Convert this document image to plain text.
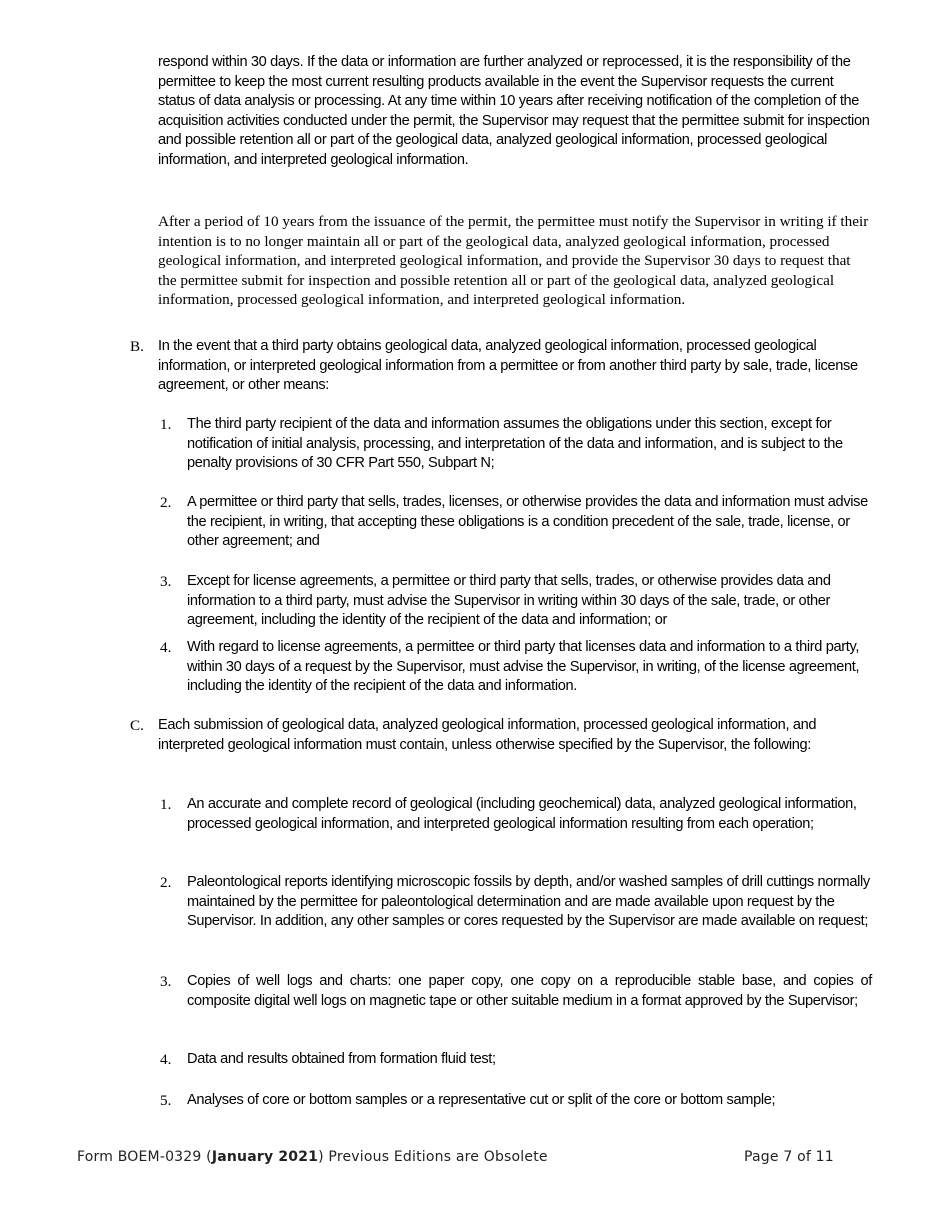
respond within 30 days. If the data or information are further analyzed or reprocessed, it is the responsibility of the permittee to keep the most current resulting products available in the event the Supervisor requests the current status of data analysis or processing. At any time within 10 years after receiving notification of the completion of the acquisition activities conducted under the permit, the Supervisor may request that the permittee submit for inspection and possible retention all or part of the geological data, analyzed geological information, processed geological information, and interpreted geological information.

After a period of 10 years from the issuance of the permit, the permittee must notify the Supervisor in writing if their intention is to no longer maintain all or part of the geological data, analyzed geological information, processed geological information, and interpreted geological information, and provide the Supervisor 30 days to request that the permittee submit for inspection and possible retention all or part of the geological data, analyzed geological information, processed geological information, and interpreted geological information.

B. In the event that a third party obtains geological data, analyzed geological information, processed geological information, or interpreted geological information from a permittee or from another third party by sale, trade, license agreement, or other means:

1.	The third party recipient of the data and information assumes the obligations under this section, except for notification of initial analysis, processing, and interpretation of the data and information, and is subject to the penalty provisions of 30 CFR Part 550, Subpart N;

2.	A permittee or third party that sells, trades, licenses, or otherwise provides the data and information must advise the recipient, in writing, that accepting these obligations is a condition precedent of the sale, trade, license, or other agreement; and

3.	Except for license agreements, a permittee or third party that sells, trades, or otherwise provides data and information to a third party, must advise the Supervisor in writing within 30 days of the sale, trade, or other agreement, including the identity of the recipient of the data and information; or

4.	With regard to license agreements, a permittee or third party that licenses data and information to a third party, within 30 days of a request by the Supervisor, must advise the Supervisor, in writing, of the license agreement, including the identity of the recipient of the data and information.

C. Each submission of geological data, analyzed geological information, processed geological information, and interpreted geological information must contain, unless otherwise specified by the Supervisor, the following:

1.	An accurate and complete record of geological (including geochemical) data, analyzed geological information, processed geological information, and interpreted geological information resulting from each operation;

2.	Paleontological reports identifying microscopic fossils by depth, and/or washed samples of drill cuttings normally maintained by the permittee for paleontological determination and are made available upon request by the Supervisor. In addition, any other samples or cores requested by the Supervisor are made available on request;

3.	Copies of well logs and charts: one paper copy, one copy on a reproducible stable base, and copies of composite digital well logs on magnetic tape or other suitable medium in a format approved by the Supervisor;

4.	Data and results obtained from formation fluid test;

5.	Analyses of core or bottom samples or a representative cut or split of the core or bottom sample;

Form BOEM-0329 (January 2021) Previous Editions are Obsolete	Page 7 of 11
